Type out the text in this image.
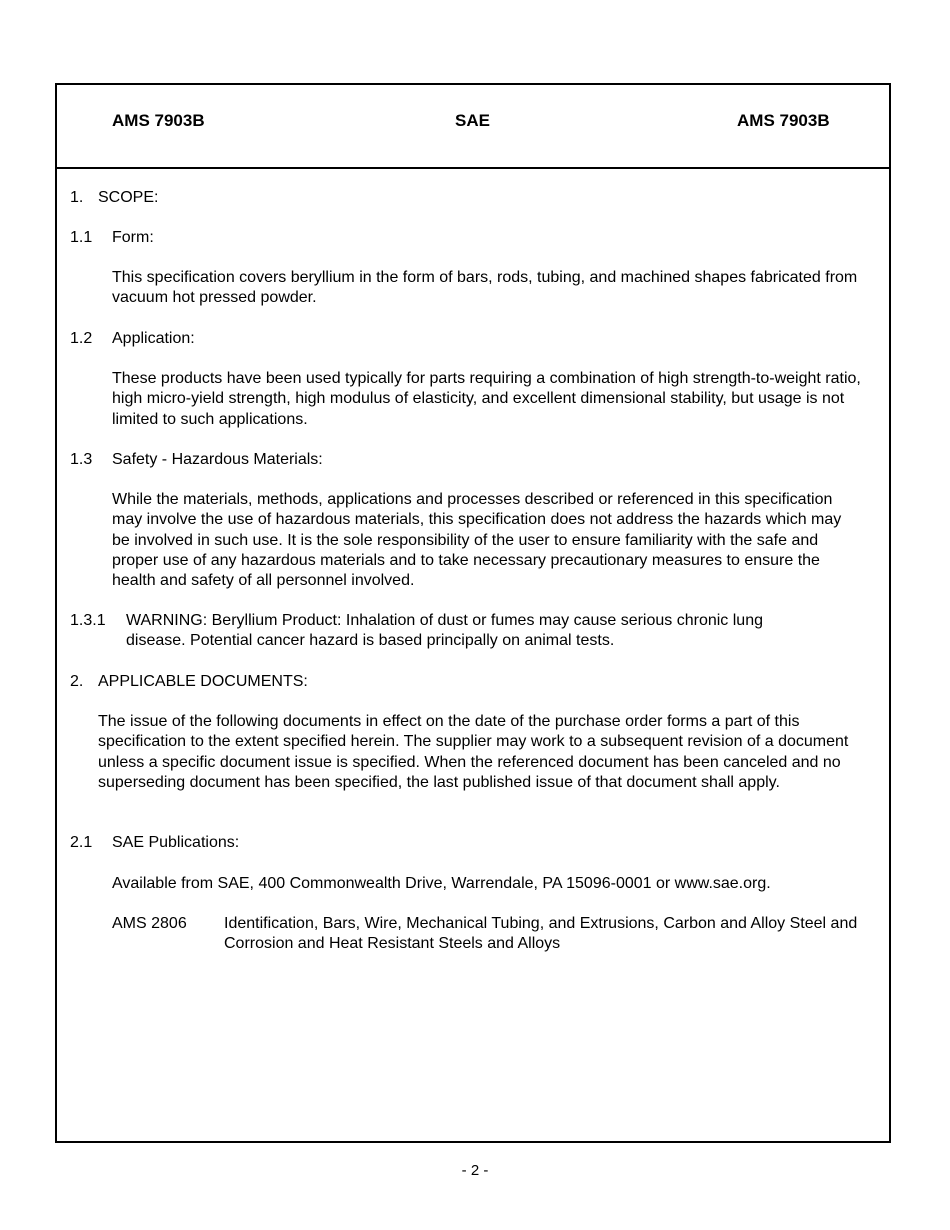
AMS 7903B	SAE	AMS 7903B
1. SCOPE:
1.1 Form:
This specification covers beryllium in the form of bars, rods, tubing, and machined shapes fabricated from vacuum hot pressed powder.
1.2 Application:
These products have been used typically for parts requiring a combination of high strength-to-weight ratio, high micro-yield strength, high modulus of elasticity, and excellent dimensional stability, but usage is not limited to such applications.
1.3 Safety - Hazardous Materials:
While the materials, methods, applications and processes described or referenced in this specification may involve the use of hazardous materials, this specification does not address the hazards which may be involved in such use. It is the sole responsibility of the user to ensure familiarity with the safe and proper use of any hazardous materials and to take necessary precautionary measures to ensure the health and safety of all personnel involved.
1.3.1 WARNING: Beryllium Product: Inhalation of dust or fumes may cause serious chronic lung disease. Potential cancer hazard is based principally on animal tests.
2. APPLICABLE DOCUMENTS:
The issue of the following documents in effect on the date of the purchase order forms a part of this specification to the extent specified herein. The supplier may work to a subsequent revision of a document unless a specific document issue is specified. When the referenced document has been canceled and no superseding document has been specified, the last published issue of that document shall apply.
2.1 SAE Publications:
Available from SAE, 400 Commonwealth Drive, Warrendale, PA 15096-0001 or www.sae.org.
AMS 2806 Identification, Bars, Wire, Mechanical Tubing, and Extrusions, Carbon and Alloy Steel and Corrosion and Heat Resistant Steels and Alloys
- 2 -
